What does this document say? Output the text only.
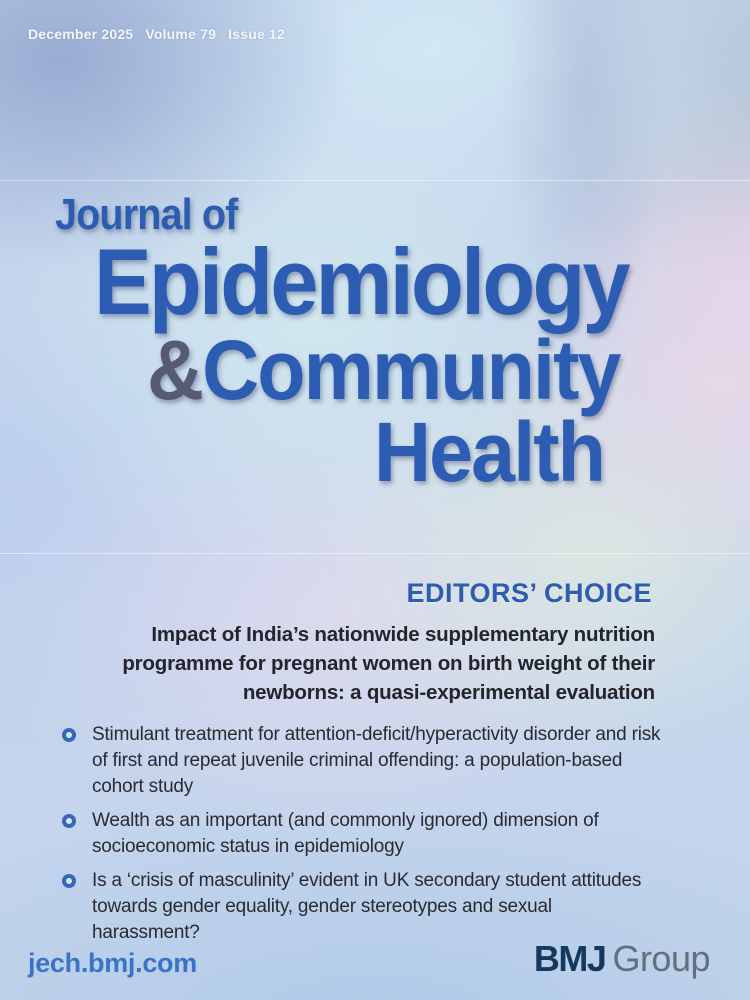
December 2025 Volume 79 Issue 12
Journal of
Epidemiology
&Community
Health
EDITORS’ CHOICE
Impact of India’s nationwide supplementary nutrition
programme for pregnant women on birth weight of their
newborns: a quasi-experimental evaluation
Stimulant treatment for attention-deficit/hyperactivity disorder and risk of first and repeat juvenile criminal offending: a population-based cohort study
Wealth as an important (and commonly ignored) dimension of socioeconomic status in epidemiology
Is a ‘crisis of masculinity’ evident in UK secondary student attitudes towards gender equality, gender stereotypes and sexual harassment?
jech.bmj.com	BMJ Group
